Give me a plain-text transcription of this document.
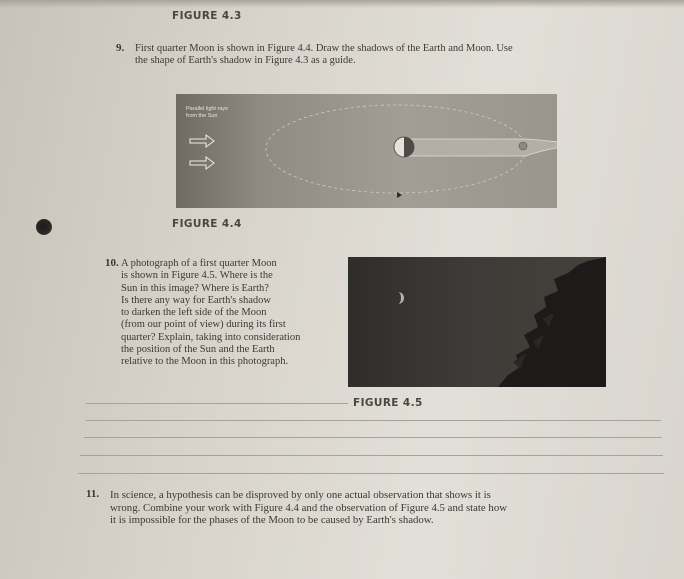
FIGURE 4.3
9. First quarter Moon is shown in Figure 4.4. Draw the shadows of the Earth and Moon. Use
the shape of Earth's shadow in Figure 4.3 as a guide.
Parallel light rays
from the Sun
FIGURE 4.4
10. A photograph of a first quarter Moon
is shown in Figure 4.5. Where is the
Sun in this image? Where is Earth?
Is there any way for Earth's shadow
to darken the left side of the Moon
(from our point of view) during its first
quarter? Explain, taking into consideration
the position of the Sun and the Earth
relative to the Moon in this photograph.
FIGURE 4.5
11. In science, a hypothesis can be disproved by only one actual observation that shows it is
wrong. Combine your work with Figure 4.4 and the observation of Figure 4.5 and state how
it is impossible for the phases of the Moon to be caused by Earth's shadow.
